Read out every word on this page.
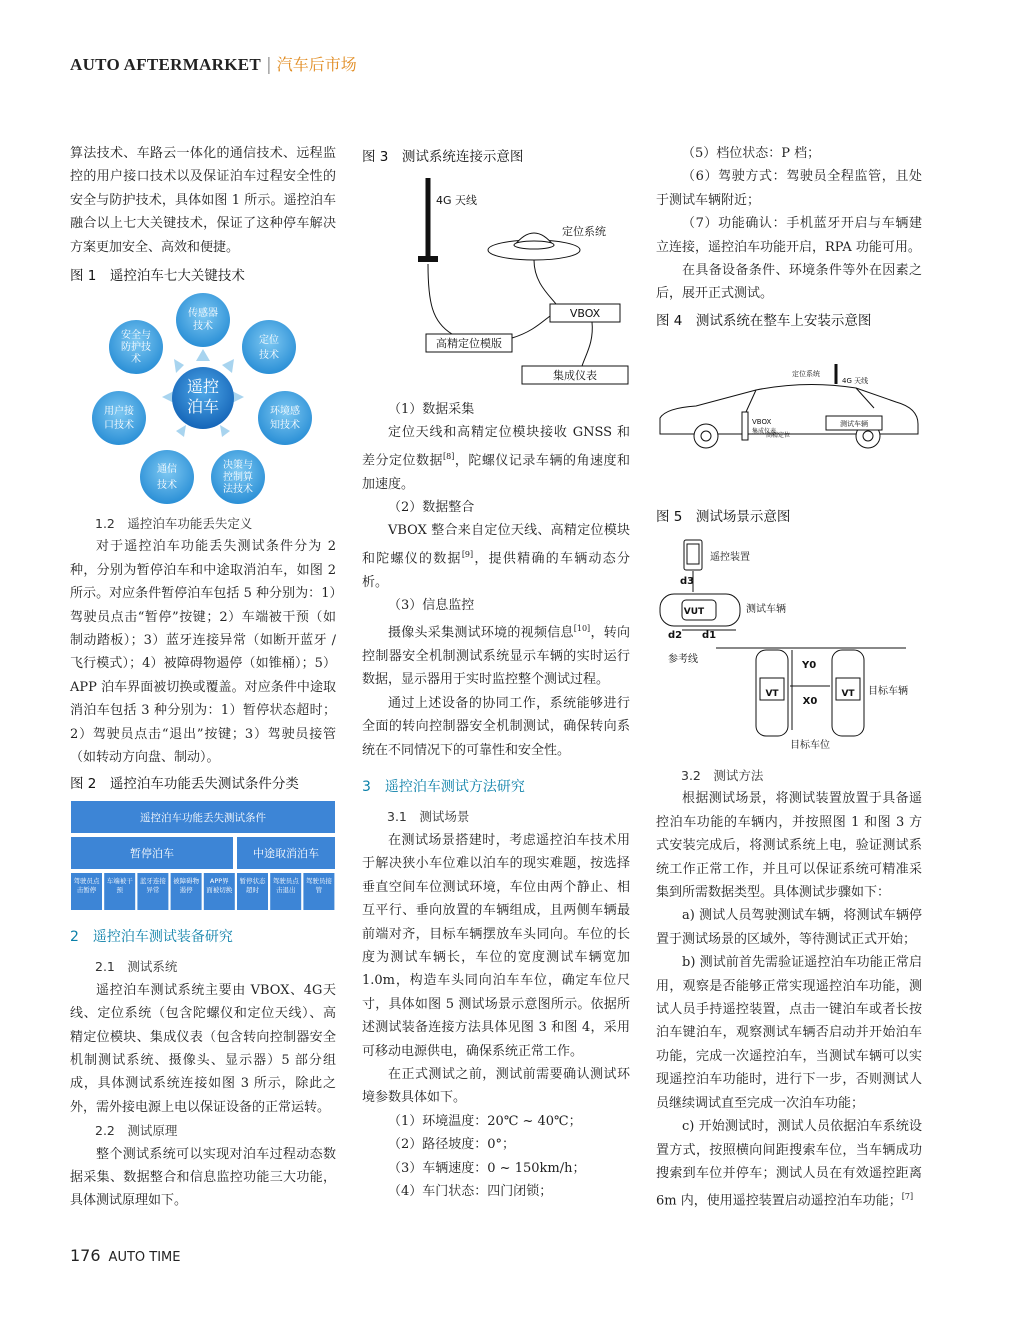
AUTO AFTERMARKET | 汽车后市场

算法技术、车路云一体化的通信技术、远程监控的用户接口技术以及保证泊车过程安全性的安全与防护技术，具体如图 1 所示。遥控泊车融合以上七大关键技术，保证了这种停车解决方案更加安全、高效和便捷。

图 1　遥控泊车七大关键技术

遥控
泊车
传感器
技术
定位
技术
环境感
知技术
决策与
控制算
法技术
通信
技术
用户接
口技术
安全与
防护技
术

1.2　遥控泊车功能丢失定义

对于遥控泊车功能丢失测试条件分为 2 种，分别为暂停泊车和中途取消泊车，如图 2 所示。对应条件暂停泊车包括 5 种分别为：1）驾驶员点击“暂停”按键；2）车端被干预（如制动踏板）；3）蓝牙连接异常（如断开蓝牙 / 飞行模式）；4）被障碍物遏停（如锥桶）；5）APP 泊车界面被切换或覆盖。对应条件中途取消泊车包括 3 种分别为：1）暂停状态超时；2）驾驶员点击“退出”按键；3）驾驶员接管（如转动方向盘、制动）。

图 2　遥控泊车功能丢失测试条件分类

遥控泊车功能丢失测试条件
暂停泊车	中途取消泊车
驾驶员点击暂停
车端被干预
蓝牙连接异常
被障碍物遏停
APP界面被切换
暂停状态超时
驾驶员点击退出
驾驶员接管

2　遥控泊车测试装备研究

2.1　测试系统

遥控泊车测试系统主要由 VBOX、4G天线、定位系统（包含陀螺仪和定位天线）、高精定位模块、集成仪表（包含转向控制器安全机制测试系统、摄像头、显示器）5 部分组成，具体测试系统连接如图 3 所示，除此之外，需外接电源上电以保证设备的正常运转。

2.2　测试原理

整个测试系统可以实现对泊车过程动态数据采集、数据整合和信息监控功能三大功能，具体测试原理如下。

图 3　测试系统连接示意图

4G 天线
定位系统
VBOX
高精定位模版
集成仪表

（1）数据采集

定位天线和高精定位模块接收 GNSS 和差分定位数据[8]，陀螺仪记录车辆的角速度和加速度。

（2）数据整合

VBOX 整合来自定位天线、高精定位模块和陀螺仪的数据[9]，提供精确的车辆动态分析。

（3）信息监控

摄像头采集测试环境的视频信息[10]，转向控制器安全机制测试系统显示车辆的实时运行数据，显示器用于实时监控整个测试过程。

通过上述设备的协同工作，系统能够进行全面的转向控制器安全机制测试，确保转向系统在不同情况下的可靠性和安全性。

3　遥控泊车测试方法研究

3.1　测试场景

在测试场景搭建时，考虑遥控泊车技术用于解决狭小车位难以泊车的现实难题，按选择垂直空间车位测试环境，车位由两个静止、相互平行、垂向放置的车辆组成，且两侧车辆最前端对齐，目标车辆摆放车头同向。车位的长度为测试车辆长，车位的宽度测试车辆宽加 1.0m，构造车头同向泊车车位，确定车位尺寸，具体如图 5 测试场景示意图所示。依据所述测试装备连接方法具体见图 3 和图 4，采用可移动电源供电，确保系统正常工作。

在正式测试之前，测试前需要确认测试环境参数具体如下。

（1）环境温度：20℃ ~ 40℃；

（2）路径坡度：0°；

（3）车辆速度：0 ~ 150km/h；

（4）车门状态：四门闭锁；

（5）档位状态：P 档；

（6）驾驶方式：驾驶员全程监管，且处于测试车辆附近；

（7）功能确认：手机蓝牙开启与车辆建立连接，遥控泊车功能开启，RPA 功能可用。

在具备设备条件、环境条件等外在因素之后，展开正式测试。

图 4　测试系统在整车上安装示意图

4G 天线
定位系统
VBOX
高精定位
测试车辆
集成仪表

图 5　测试场景示意图

遥控装置
d3
VUT	测试车辆
d2 d1
参考线
VT	VT 目标车辆
Y0
X0
目标车位

3.2　测试方法

根据测试场景，将测试装置放置于具备遥控泊车功能的车辆内，并按照图 1 和图 3 方式安装完成后，将测试系统上电，验证测试系统工作正常工作，并且可以保证系统可精准采集到所需数据类型。具体测试步骤如下：

a) 测试人员驾驶测试车辆，将测试车辆停置于测试场景的区域外，等待测试正式开始；

b) 测试前首先需验证遥控泊车功能正常启用，观察是否能够正常实现遥控泊车功能，测试人员手持遥控装置，点击一键泊车或者长按泊车键泊车，观察测试车辆否启动并开始泊车功能，完成一次遥控泊车，当测试车辆可以实现遥控泊车功能时，进行下一步，否则测试人员继续调试直至完成一次泊车功能；

c) 开始测试时，测试人员依据泊车系统设置方式，按照横向间距搜索车位，当车辆成功搜索到车位并停车；测试人员在有效遥控距离 6m 内，使用遥控装置启动遥控泊车功能；[7]

176 AUTO TIME
